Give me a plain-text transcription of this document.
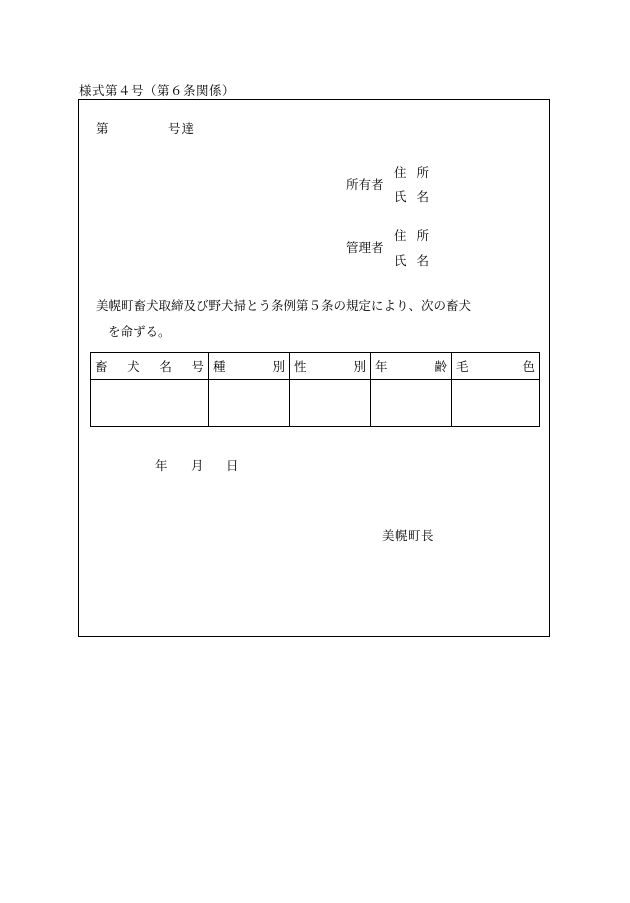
様式第４号（第６条関係）
第	号達
所有者
住所
氏名
管理者
住所
氏名
美幌町畜犬取締及び野犬掃とう条例第５条の規定により、次の畜犬
を命ずる。
畜 犬 名 号	種 別	性 別	年 齢	毛 色

年 月 日
美幌町長
